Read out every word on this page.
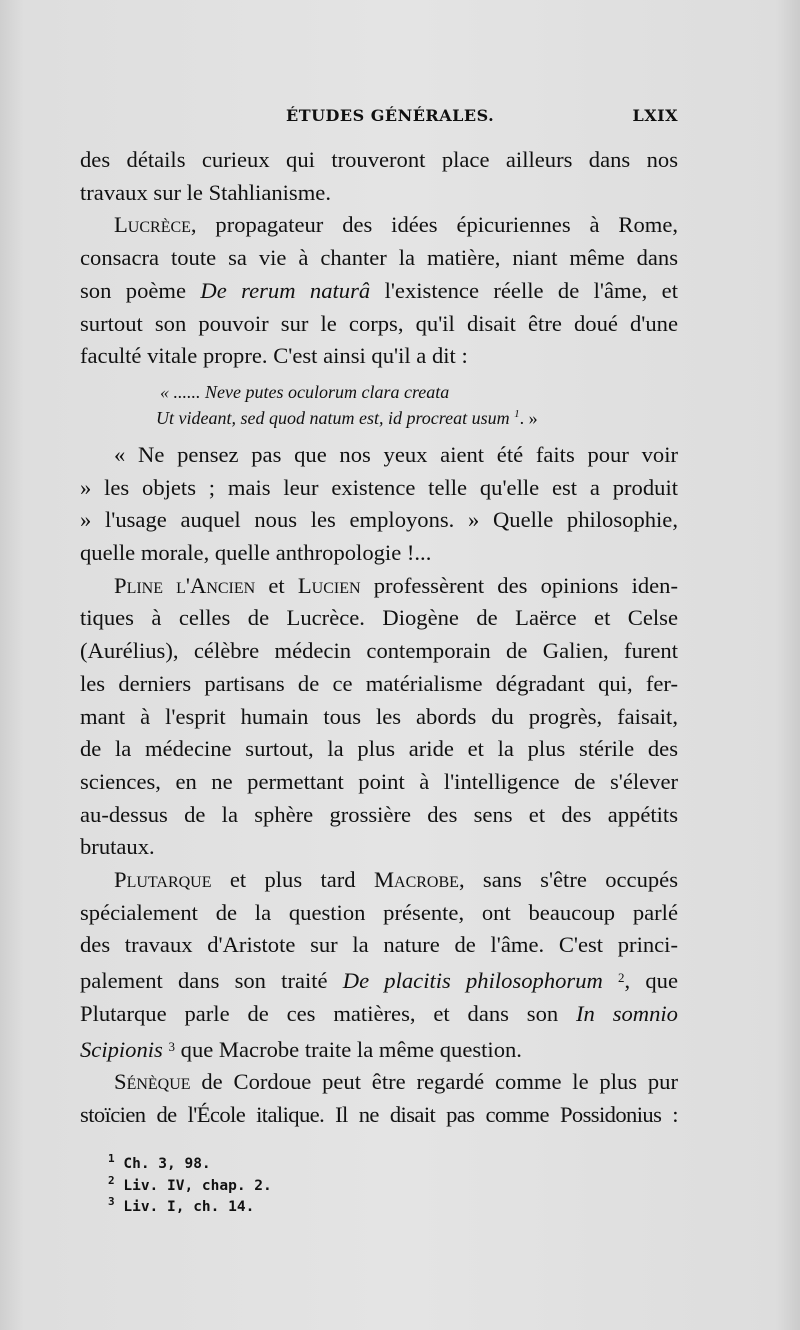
ÉTUDES GÉNÉRALES.	LXIX

des détails curieux qui trouveront place ailleurs dans nos
travaux sur le Stahlianisme.

Lucrèce, propagateur des idées épicuriennes à Rome,
consacra toute sa vie à chanter la matière, niant même dans
son poème De rerum naturâ l'existence réelle de l'âme, et
surtout son pouvoir sur le corps, qu'il disait être doué d'une
faculté vitale propre. C'est ainsi qu'il a dit :

« ...... Neve putes oculorum clara creata
Ut videant, sed quod natum est, id procreat usum $^1$. »

« Ne pensez pas que nos yeux aient été faits pour voir
» les objets ; mais leur existence telle qu'elle est a produit
» l'usage auquel nous les employons. » Quelle philosophie,
quelle morale, quelle anthropologie !...

Pline l'Ancien et Lucien professèrent des opinions iden-
tiques à celles de Lucrèce. Diogène de Laërce et Celse
(Aurélius), célèbre médecin contemporain de Galien, furent
les derniers partisans de ce matérialisme dégradant qui, fer-
mant à l'esprit humain tous les abords du progrès, faisait,
de la médecine surtout, la plus aride et la plus stérile des
sciences, en ne permettant point à l'intelligence de s'élever
au-dessus de la sphère grossière des sens et des appétits
brutaux.

Plutarque et plus tard Macrobe, sans s'être occupés
spécialement de la question présente, ont beaucoup parlé
des travaux d'Aristote sur la nature de l'âme. C'est princi-
palement dans son traité De placitis philosophorum $^2$, que
Plutarque parle de ces matières, et dans son In somnio
Scipionis $^3$ que Macrobe traite la même question.

Sénèque de Cordoue peut être regardé comme le plus pur
stoïcien de l'École italique. Il ne disait pas comme Possidonius :

$^1$ Ch. 3, 98.
$^2$ Liv. IV, chap. 2.
$^3$ Liv. I, ch. 14.
